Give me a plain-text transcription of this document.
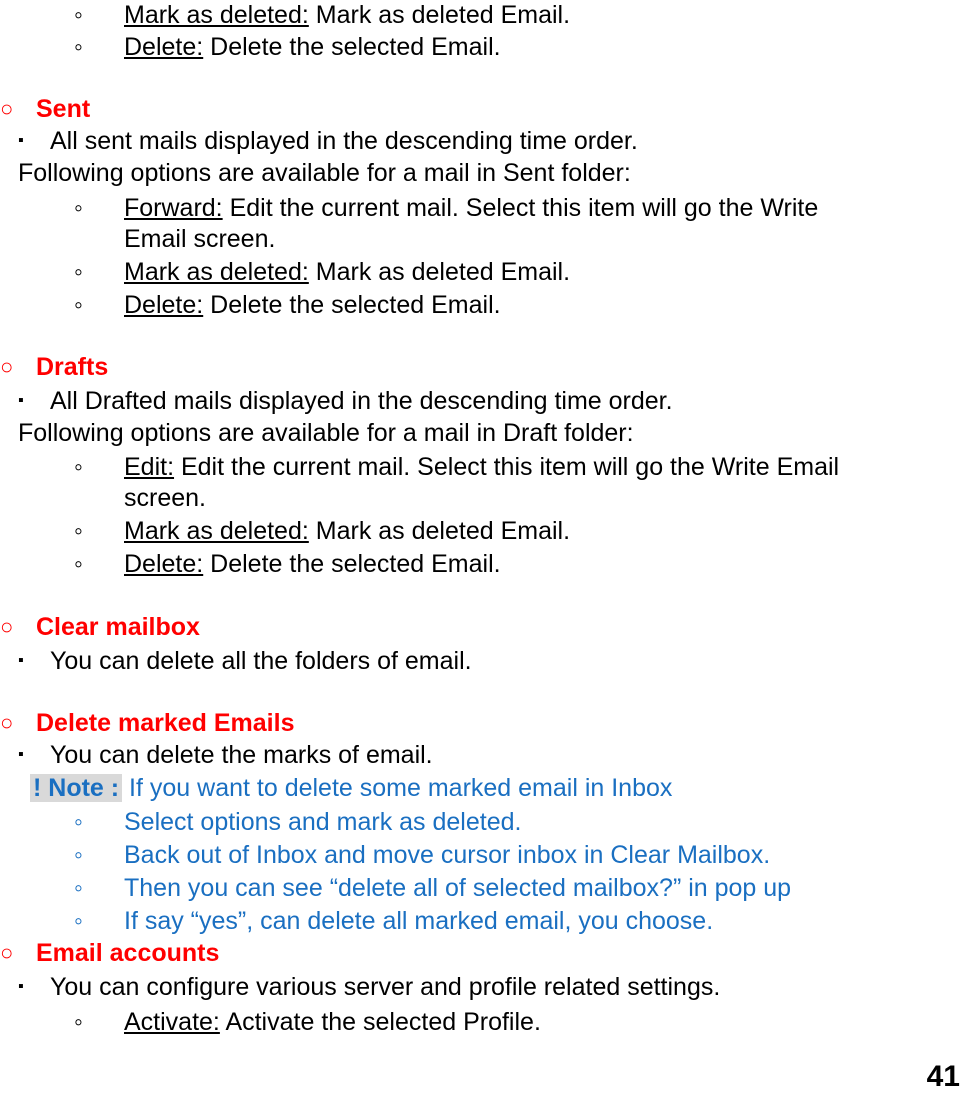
◦ Mark as deleted: Mark as deleted Email.
◦ Delete: Delete the selected Email.
○ Sent
▪ All sent mails displayed in the descending time order.
Following options are available for a mail in Sent folder:
◦ Forward: Edit the current mail. Select this item will go the Write
Email screen.
◦ Mark as deleted: Mark as deleted Email.
◦ Delete: Delete the selected Email.
○ Drafts
▪ All Drafted mails displayed in the descending time order.
Following options are available for a mail in Draft folder:
◦ Edit: Edit the current mail. Select this item will go the Write Email
screen.
◦ Mark as deleted: Mark as deleted Email.
◦ Delete: Delete the selected Email.
○ Clear mailbox
▪ You can delete all the folders of email.
○ Delete marked Emails
▪ You can delete the marks of email.
! Note : If you want to delete some marked email in Inbox
◦ Select options and mark as deleted.
◦ Back out of Inbox and move cursor inbox in Clear Mailbox.
◦ Then you can see “delete all of selected mailbox?” in pop up
◦ If say “yes”, can delete all marked email, you choose.
○ Email accounts
▪ You can configure various server and profile related settings.
◦ Activate: Activate the selected Profile.
41
